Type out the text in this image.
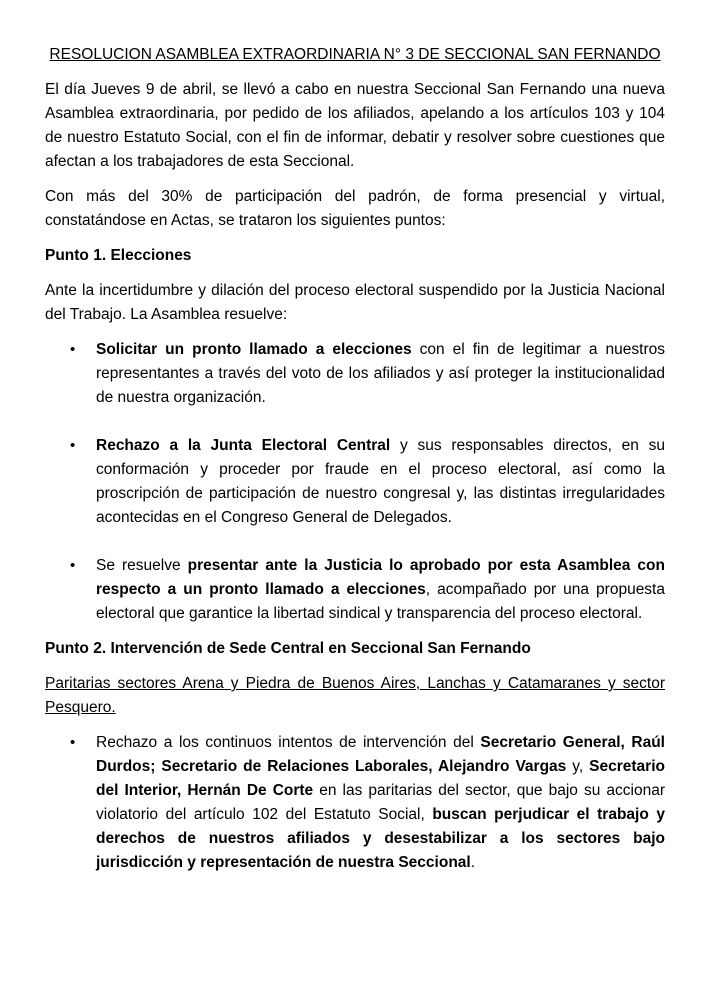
RESOLUCION ASAMBLEA EXTRAORDINARIA N° 3 DE SECCIONAL SAN FERNANDO

El día Jueves 9 de abril, se llevó a cabo en nuestra Seccional San Fernando una nueva Asamblea extraordinaria, por pedido de los afiliados, apelando a los artículos 103 y 104 de nuestro Estatuto Social, con el fin de informar, debatir y resolver sobre cuestiones que afectan a los trabajadores de esta Seccional.

Con más del 30% de participación del padrón, de forma presencial y virtual, constatándose en Actas, se trataron los siguientes puntos:

Punto 1. Elecciones

Ante la incertidumbre y dilación del proceso electoral suspendido por la Justicia Nacional del Trabajo. La Asamblea resuelve:

• Solicitar un pronto llamado a elecciones con el fin de legitimar a nuestros representantes a través del voto de los afiliados y así proteger la institucionalidad de nuestra organización.
• Rechazo a la Junta Electoral Central y sus responsables directos, en su conformación y proceder por fraude en el proceso electoral, así como la proscripción de participación de nuestro congresal y, las distintas irregularidades acontecidas en el Congreso General de Delegados.
• Se resuelve presentar ante la Justicia lo aprobado por esta Asamblea con respecto a un pronto llamado a elecciones, acompañado por una propuesta electoral que garantice la libertad sindical y transparencia del proceso electoral.

Punto 2. Intervención de Sede Central en Seccional San Fernando

Paritarias sectores Arena y Piedra de Buenos Aires, Lanchas y Catamaranes y sector Pesquero.

• Rechazo a los continuos intentos de intervención del Secretario General, Raúl Durdos; Secretario de Relaciones Laborales, Alejandro Vargas y, Secretario del Interior, Hernán De Corte en las paritarias del sector, que bajo su accionar violatorio del artículo 102 del Estatuto Social, buscan perjudicar el trabajo y derechos de nuestros afiliados y desestabilizar a los sectores bajo jurisdicción y representación de nuestra Seccional.
